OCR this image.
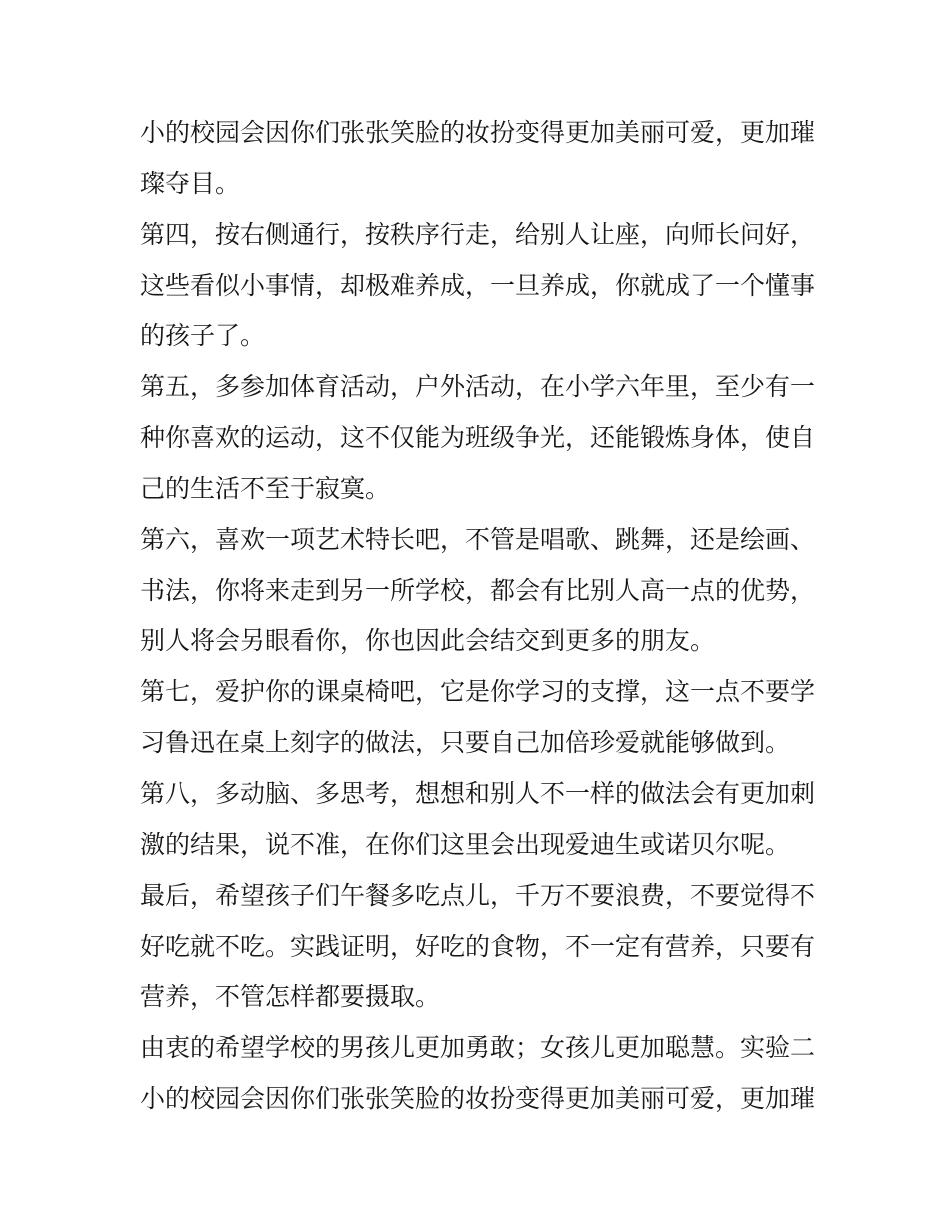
小的校园会因你们张张笑脸的妆扮变得更加美丽可爱，更加璀
璨夺目。
第四，按右侧通行，按秩序行走，给别人让座，向师长问好，
这些看似小事情，却极难养成，一旦养成，你就成了一个懂事
的孩子了。
第五，多参加体育活动，户外活动，在小学六年里，至少有一
种你喜欢的运动，这不仅能为班级争光，还能锻炼身体，使自
己的生活不至于寂寞。
第六，喜欢一项艺术特长吧，不管是唱歌、跳舞，还是绘画、
书法，你将来走到另一所学校，都会有比别人高一点的优势，
别人将会另眼看你，你也因此会结交到更多的朋友。
第七，爱护你的课桌椅吧，它是你学习的支撑，这一点不要学
习鲁迅在桌上刻字的做法，只要自己加倍珍爱就能够做到。
第八，多动脑、多思考，想想和别人不一样的做法会有更加刺
激的结果，说不准，在你们这里会出现爱迪生或诺贝尔呢。
最后，希望孩子们午餐多吃点儿，千万不要浪费，不要觉得不
好吃就不吃。实践证明，好吃的食物，不一定有营养，只要有
营养，不管怎样都要摄取。
由衷的希望学校的男孩儿更加勇敢；女孩儿更加聪慧。实验二
小的校园会因你们张张笑脸的妆扮变得更加美丽可爱，更加璀
